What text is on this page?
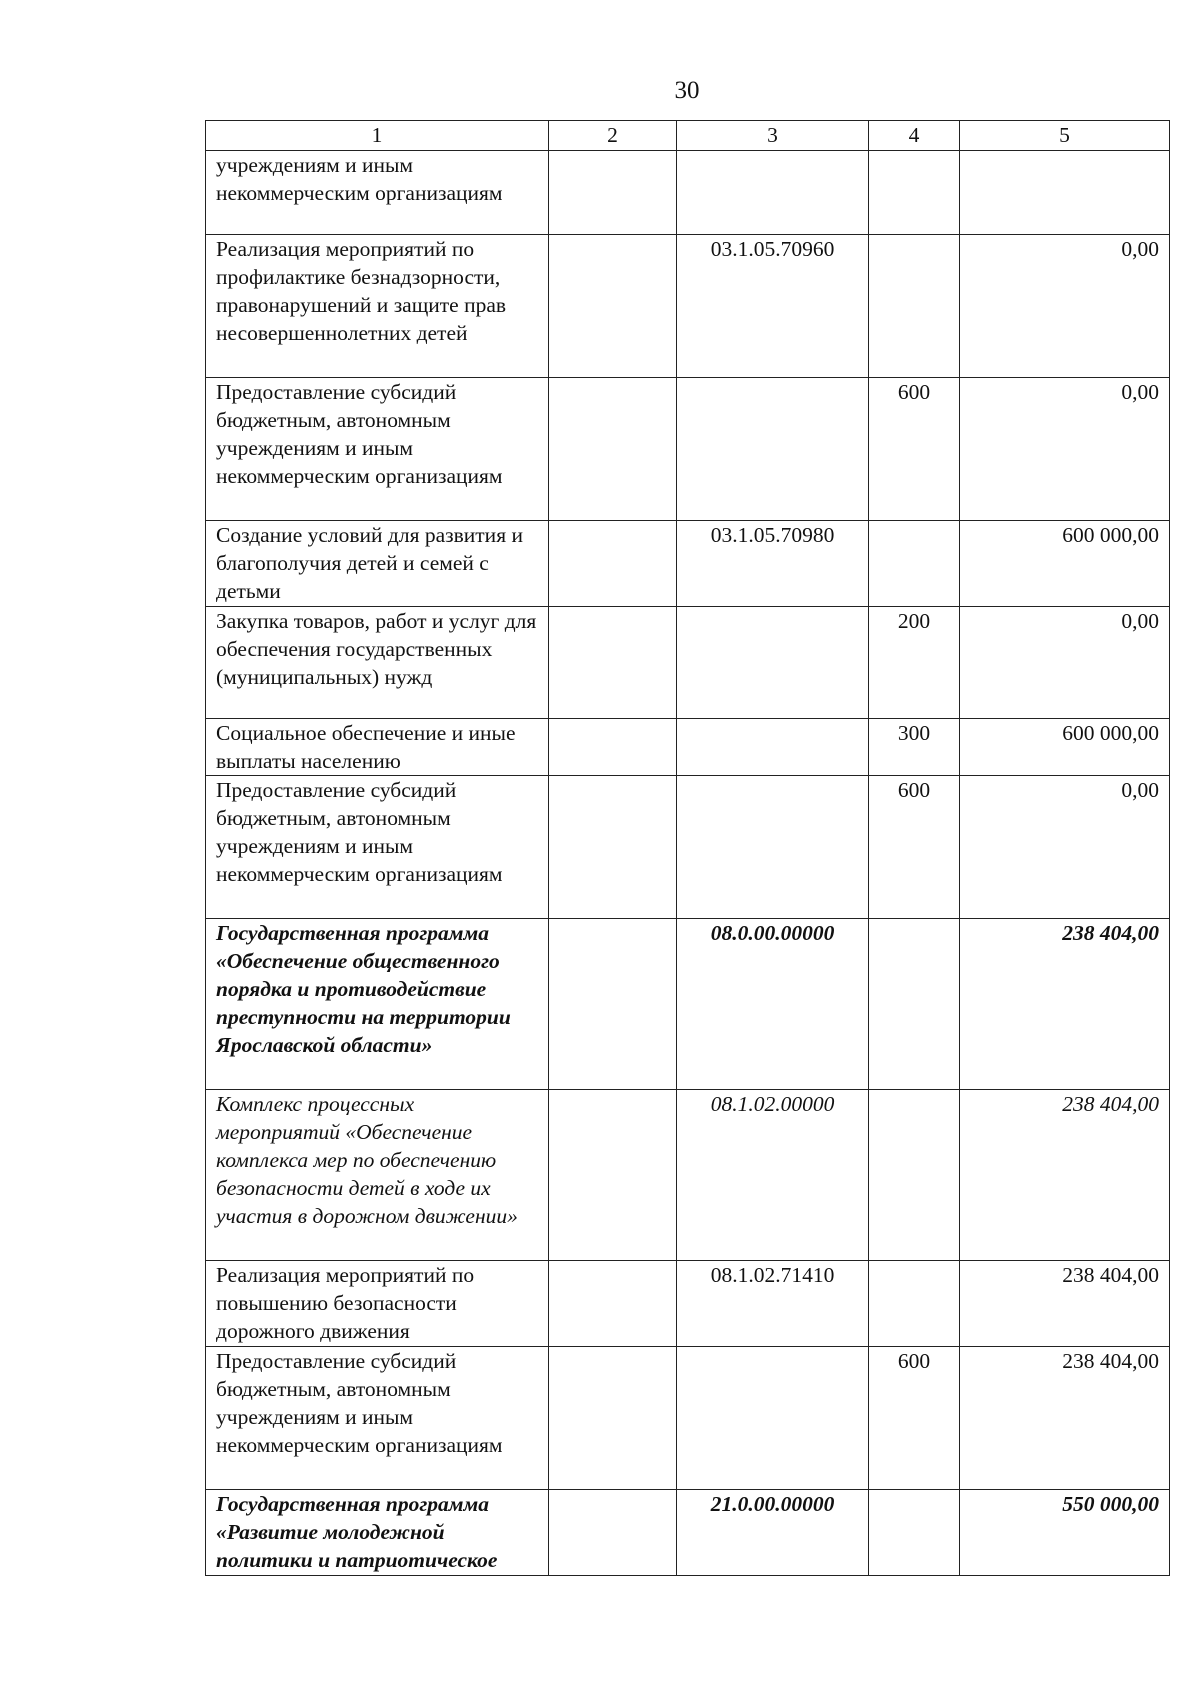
30
1	2	3	4	5
учреждениям и иным некоммерческим организациям				
Реализация мероприятий по профилактике безнадзорности, правонарушений и защите прав несовершеннолетних детей		03.1.05.70960		0,00
Предоставление субсидий бюджетным, автономным учреждениям и иным некоммерческим организациям			600	0,00
Создание условий для развития и благополучия детей и семей с детьми		03.1.05.70980		600 000,00
Закупка товаров, работ и услуг для обеспечения государственных (муниципальных) нужд			200	0,00
Социальное обеспечение и иные выплаты населению			300	600 000,00
Предоставление субсидий бюджетным, автономным учреждениям и иным некоммерческим организациям			600	0,00
Государственная программа «Обеспечение общественного порядка и противодействие преступности на территории Ярославской области»		08.0.00.00000		238 404,00
Комплекс процессных мероприятий «Обеспечение комплекса мер по обеспечению безопасности детей в ходе их участия в дорожном движении»		08.1.02.00000		238 404,00
Реализация мероприятий по повышению безопасности дорожного движения		08.1.02.71410		238 404,00
Предоставление субсидий бюджетным, автономным учреждениям и иным некоммерческим организациям			600	238 404,00
Государственная программа «Развитие молодежной политики и патриотическое		21.0.00.00000		550 000,00
